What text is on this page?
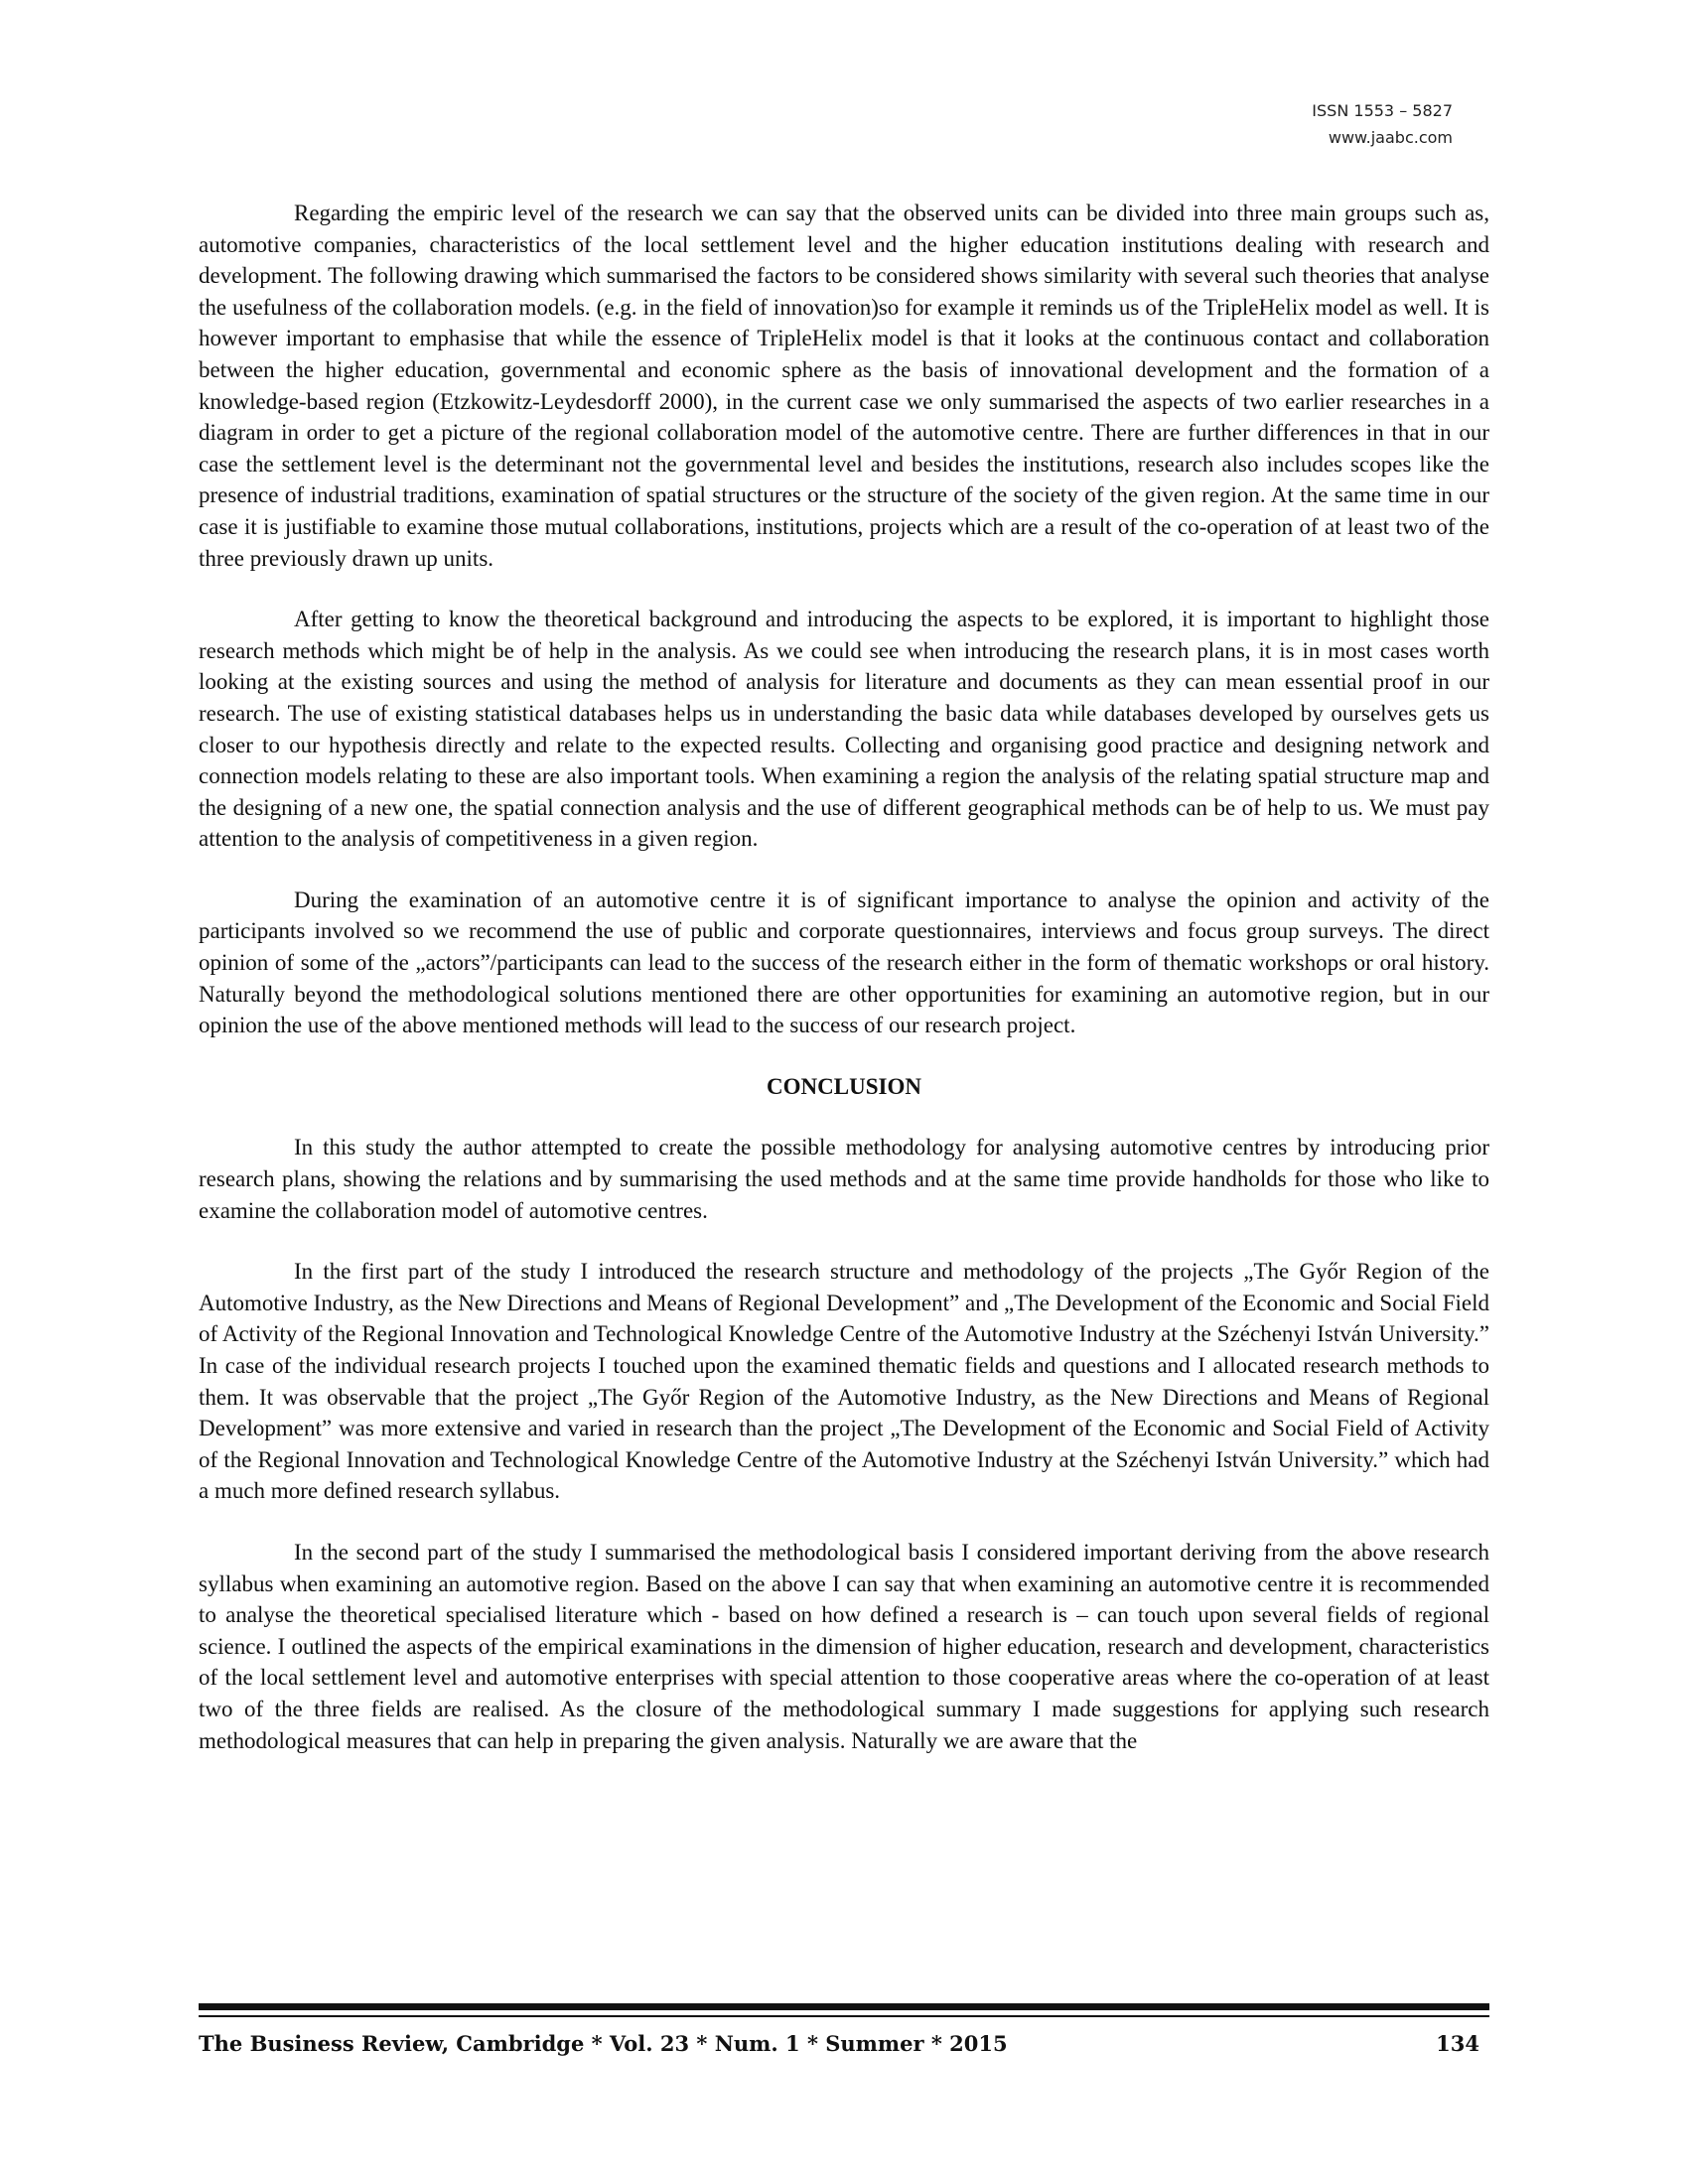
ISSN 1553 – 5827
www.jaabc.com

Regarding the empiric level of the research we can say that the observed units can be divided into three main groups such as, automotive companies, characteristics of the local settlement level and the higher education institutions dealing with research and development. The following drawing which summarised the factors to be considered shows similarity with several such theories that analyse the usefulness of the collaboration models. (e.g. in the field of innovation)so for example it reminds us of the TripleHelix model as well. It is however important to emphasise that while the essence of TripleHelix model is that it looks at the continuous contact and collaboration between the higher education, governmental and economic sphere as the basis of innovational development and the formation of a knowledge-based region (Etzkowitz-Leydesdorff 2000), in the current case we only summarised the aspects of two earlier researches in a diagram in order to get a picture of the regional collaboration model of the automotive centre. There are further differences in that in our case the settlement level is the determinant not the governmental level and besides the institutions, research also includes scopes like the presence of industrial traditions, examination of spatial structures or the structure of the society of the given region. At the same time in our case it is justifiable to examine those mutual collaborations, institutions, projects which are a result of the co-operation of at least two of the three previously drawn up units.

After getting to know the theoretical background and introducing the aspects to be explored, it is important to highlight those research methods which might be of help in the analysis. As we could see when introducing the research plans, it is in most cases worth looking at the existing sources and using the method of analysis for literature and documents as they can mean essential proof in our research. The use of existing statistical databases helps us in understanding the basic data while databases developed by ourselves gets us closer to our hypothesis directly and relate to the expected results. Collecting and organising good practice and designing network and connection models relating to these are also important tools. When examining a region the analysis of the relating spatial structure map and the designing of a new one, the spatial connection analysis and the use of different geographical methods can be of help to us. We must pay attention to the analysis of competitiveness in a given region.

During the examination of an automotive centre it is of significant importance to analyse the opinion and activity of the participants involved so we recommend the use of public and corporate questionnaires, interviews and focus group surveys. The direct opinion of some of the „actors”/participants can lead to the success of the research either in the form of thematic workshops or oral history. Naturally beyond the methodological solutions mentioned there are other opportunities for examining an automotive region, but in our opinion the use of the above mentioned methods will lead to the success of our research project.

CONCLUSION

In this study the author attempted to create the possible methodology for analysing automotive centres by introducing prior research plans, showing the relations and by summarising the used methods and at the same time provide handholds for those who like to examine the collaboration model of automotive centres.

In the first part of the study I introduced the research structure and methodology of the projects „The Győr Region of the Automotive Industry, as the New Directions and Means of Regional Development” and „The Development of the Economic and Social Field of Activity of the Regional Innovation and Technological Knowledge Centre of the Automotive Industry at the Széchenyi István University.” In case of the individual research projects I touched upon the examined thematic fields and questions and I allocated research methods to them. It was observable that the project „The Győr Region of the Automotive Industry, as the New Directions and Means of Regional Development” was more extensive and varied in research than the project „The Development of the Economic and Social Field of Activity of the Regional Innovation and Technological Knowledge Centre of the Automotive Industry at the Széchenyi István University.” which had a much more defined research syllabus.

In the second part of the study I summarised the methodological basis I considered important deriving from the above research syllabus when examining an automotive region. Based on the above I can say that when examining an automotive centre it is recommended to analyse the theoretical specialised literature which - based on how defined a research is – can touch upon several fields of regional science. I outlined the aspects of the empirical examinations in the dimension of higher education, research and development, characteristics of the local settlement level and automotive enterprises with special attention to those cooperative areas where the co-operation of at least two of the three fields are realised. As the closure of the methodological summary I made suggestions for applying such research methodological measures that can help in preparing the given analysis. Naturally we are aware that the

The Business Review, Cambridge * Vol. 23 * Num. 1 * Summer * 2015	134
